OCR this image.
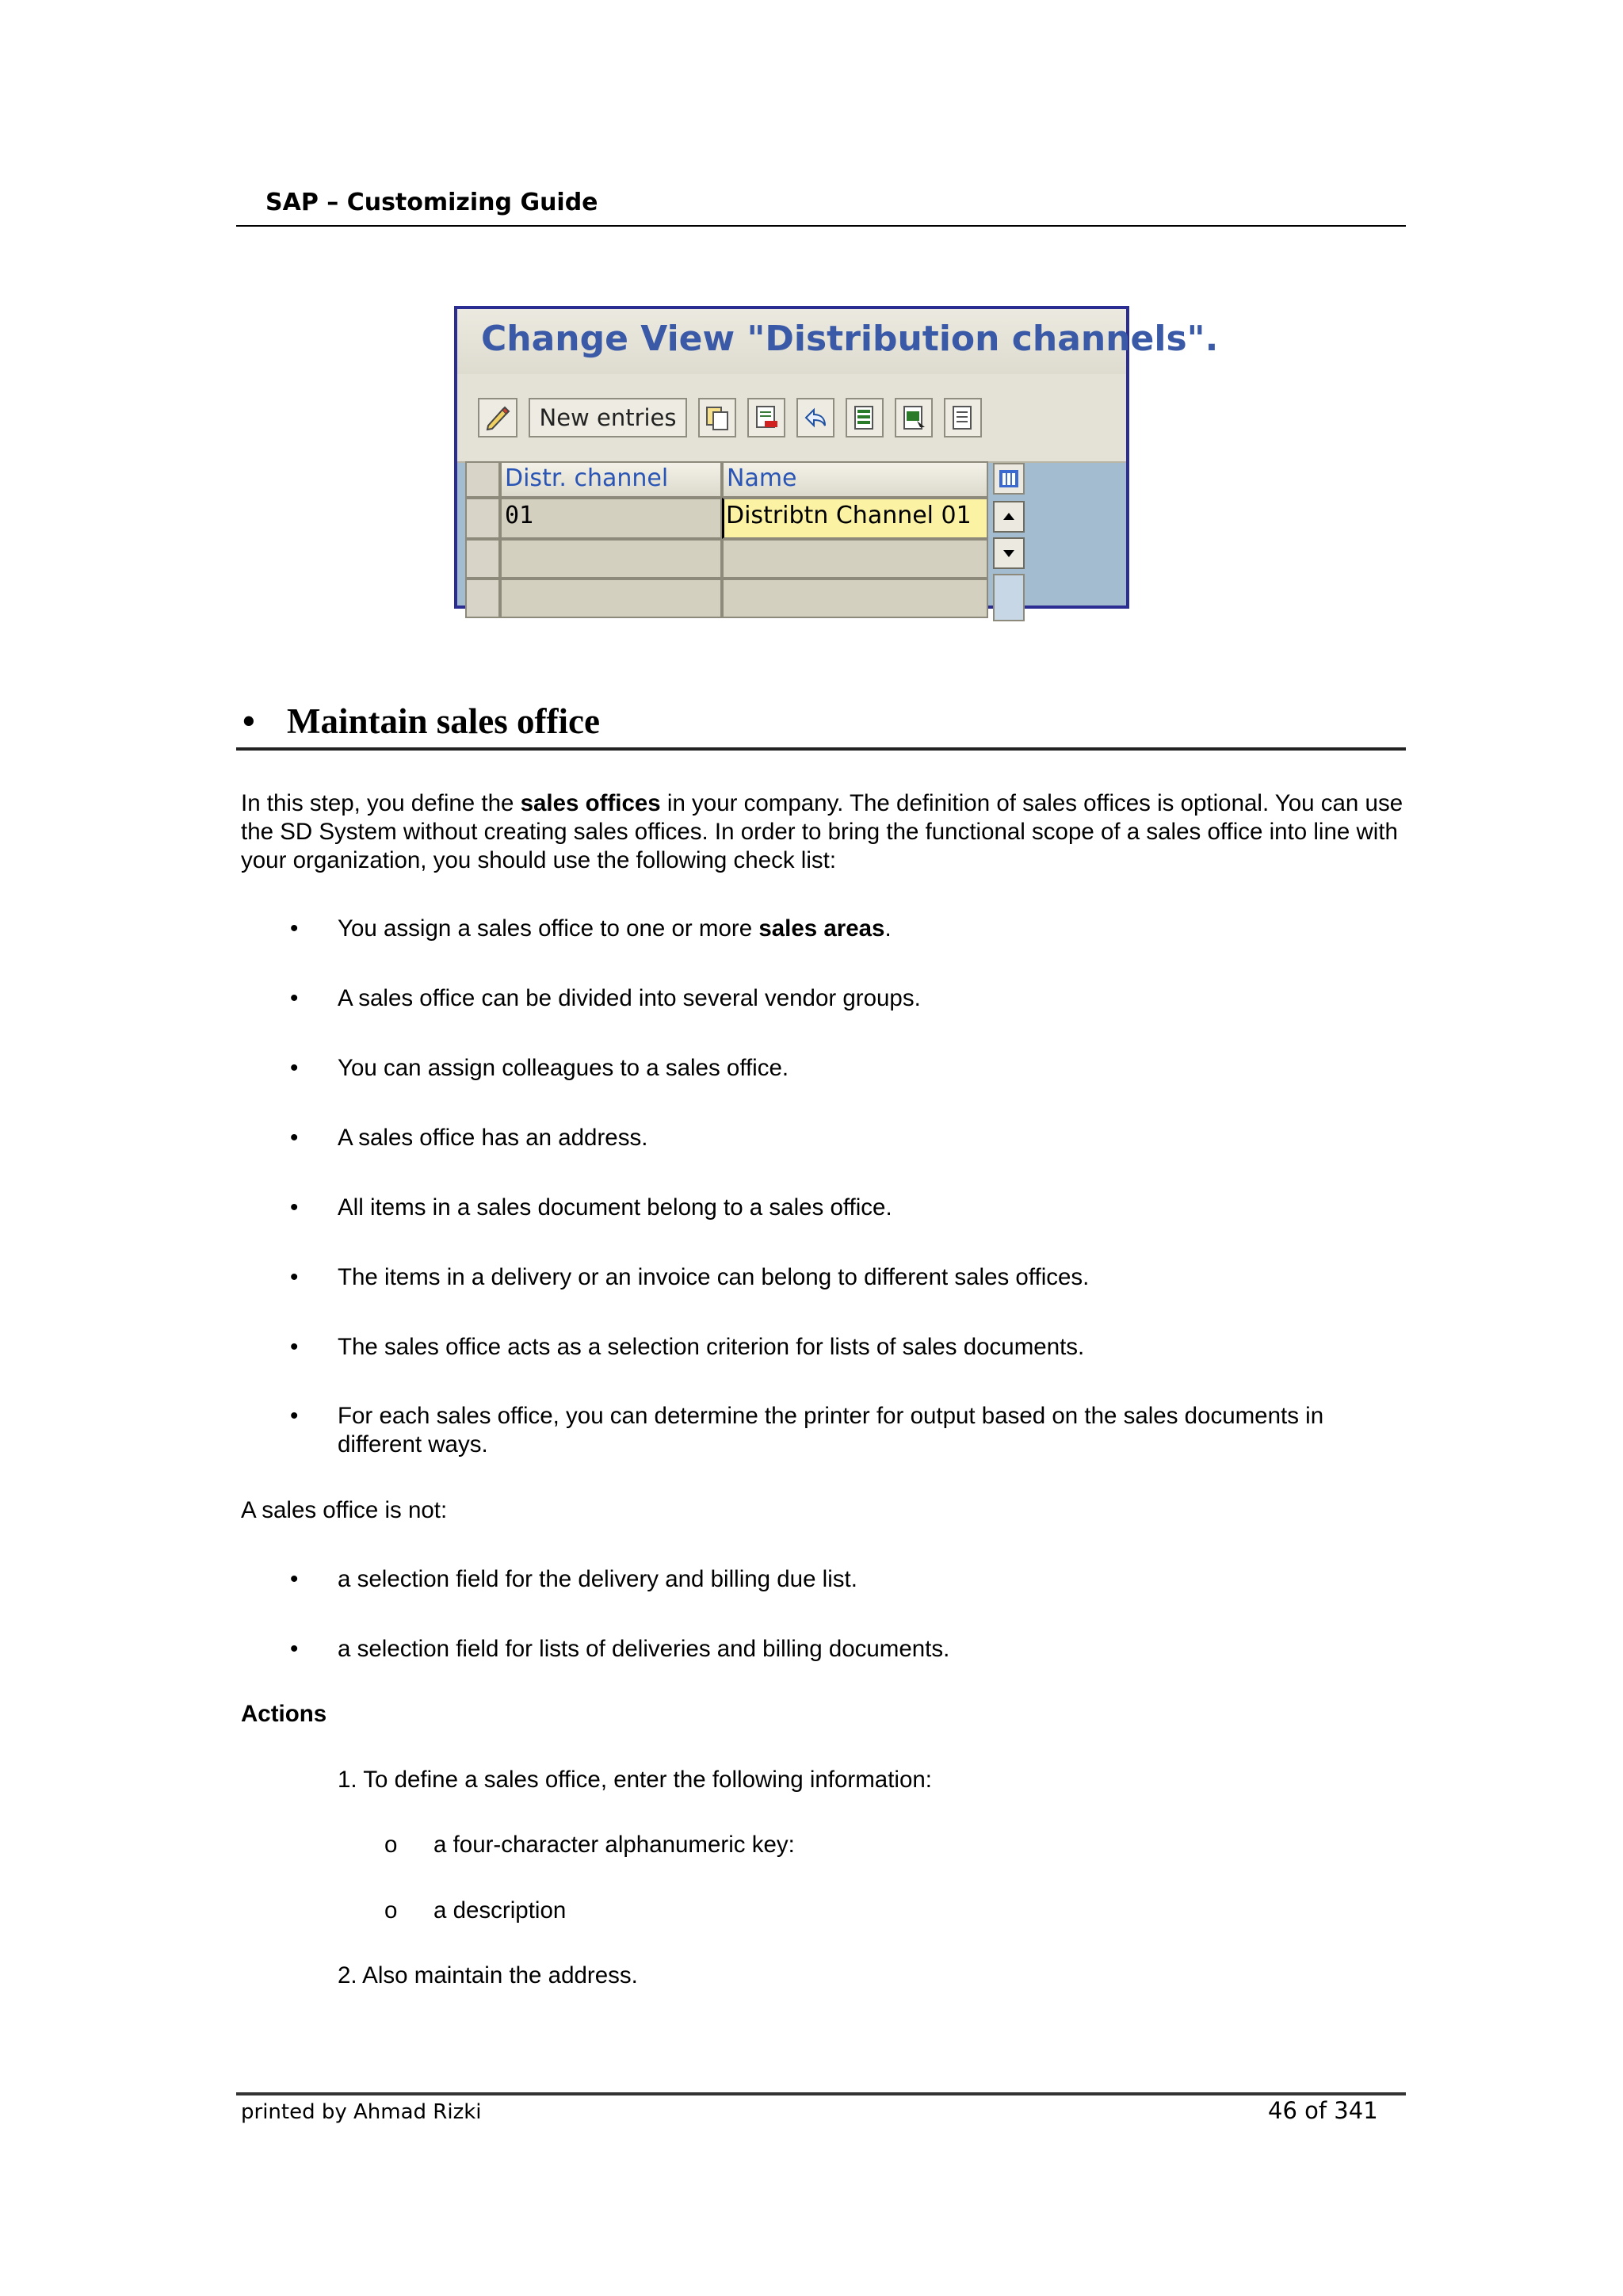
SAP – Customizing Guide
Change View "Distribution channels".
New entries
Distr. channel	Name
01	Distribtn Channel 01
• Maintain sales office
In this step, you define the sales offices in your company. The definition of sales offices is optional. You can use the SD System without creating sales offices. In order to bring the functional scope of a sales office into line with your organization, you should use the following check list:
• You assign a sales office to one or more sales areas.
• A sales office can be divided into several vendor groups.
• You can assign colleagues to a sales office.
• A sales office has an address.
• All items in a sales document belong to a sales office.
• The items in a delivery or an invoice can belong to different sales offices.
• The sales office acts as a selection criterion for lists of sales documents.
• For each sales office, you can determine the printer for output based on the sales documents in different ways.
A sales office is not:
• a selection field for the delivery and billing due list.
• a selection field for lists of deliveries and billing documents.
Actions
1. To define a sales office, enter the following information:
o a four-character alphanumeric key:
o a description
2. Also maintain the address.
printed by Ahmad Rizki	46 of 341
